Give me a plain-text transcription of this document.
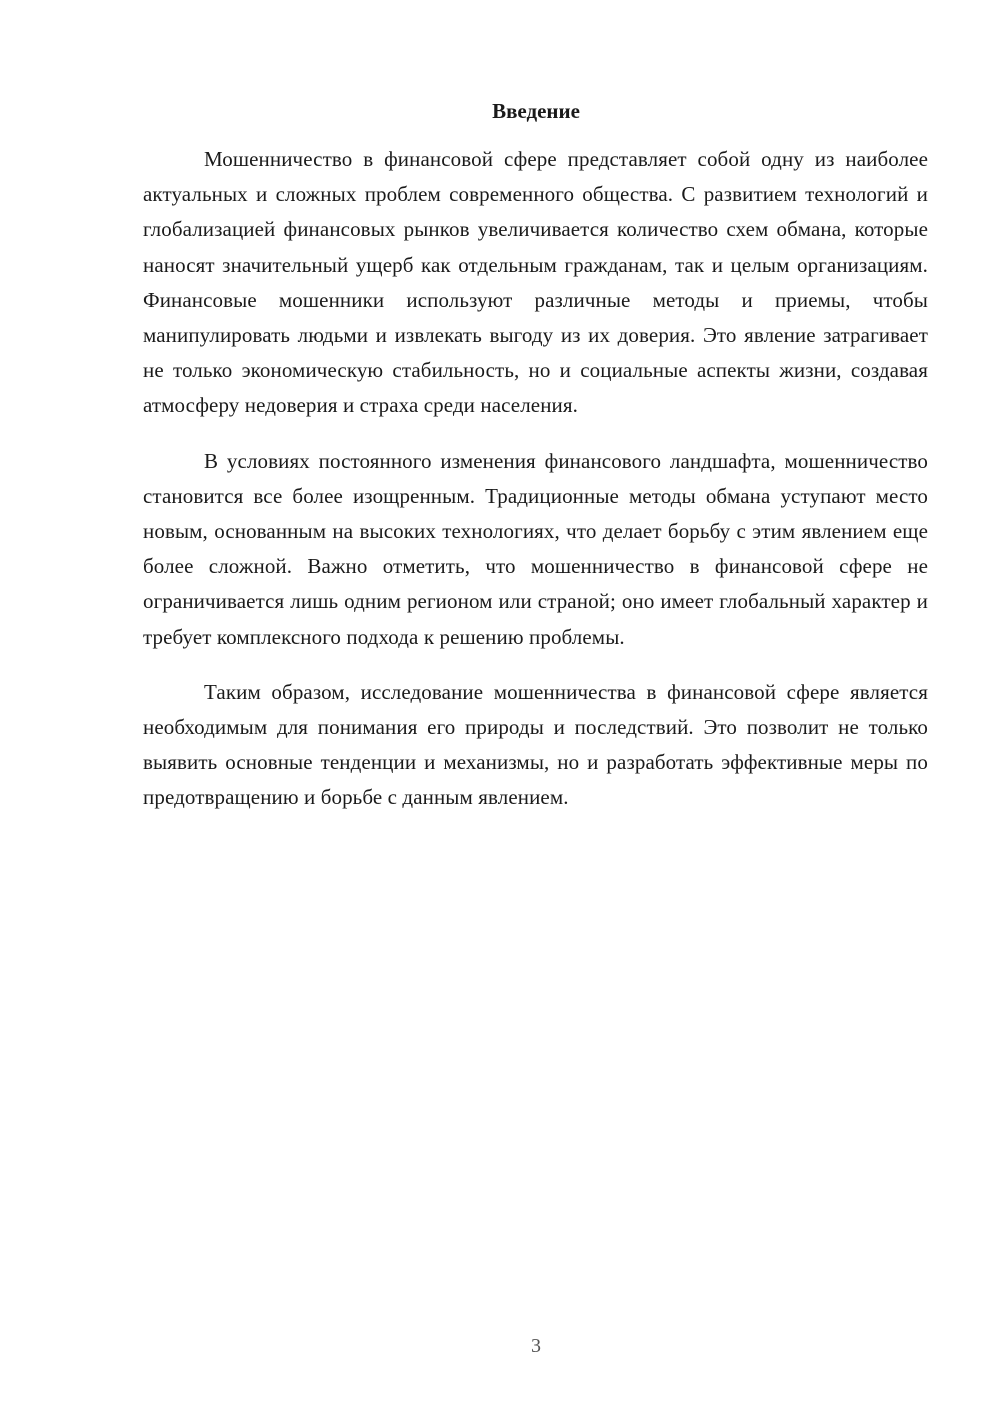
Введение

Мошенничество в финансовой сфере представляет собой одну из наиболее актуальных и сложных проблем современного общества. С развитием технологий и глобализацией финансовых рынков увеличивается количество схем обмана, которые наносят значительный ущерб как отдельным гражданам, так и целым организациям. Финансовые мошенники используют различные методы и приемы, чтобы манипулировать людьми и извлекать выгоду из их доверия. Это явление затрагивает не только экономическую стабильность, но и социальные аспекты жизни, создавая атмосферу недоверия и страха среди населения.

В условиях постоянного изменения финансового ландшафта, мошенничество становится все более изощренным. Традиционные методы обмана уступают место новым, основанным на высоких технологиях, что делает борьбу с этим явлением еще более сложной. Важно отметить, что мошенничество в финансовой сфере не ограничивается лишь одним регионом или страной; оно имеет глобальный характер и требует комплексного подхода к решению проблемы.

Таким образом, исследование мошенничества в финансовой сфере является необходимым для понимания его природы и последствий. Это позволит не только выявить основные тенденции и механизмы, но и разработать эффективные меры по предотвращению и борьбе с данным явлением.

3
